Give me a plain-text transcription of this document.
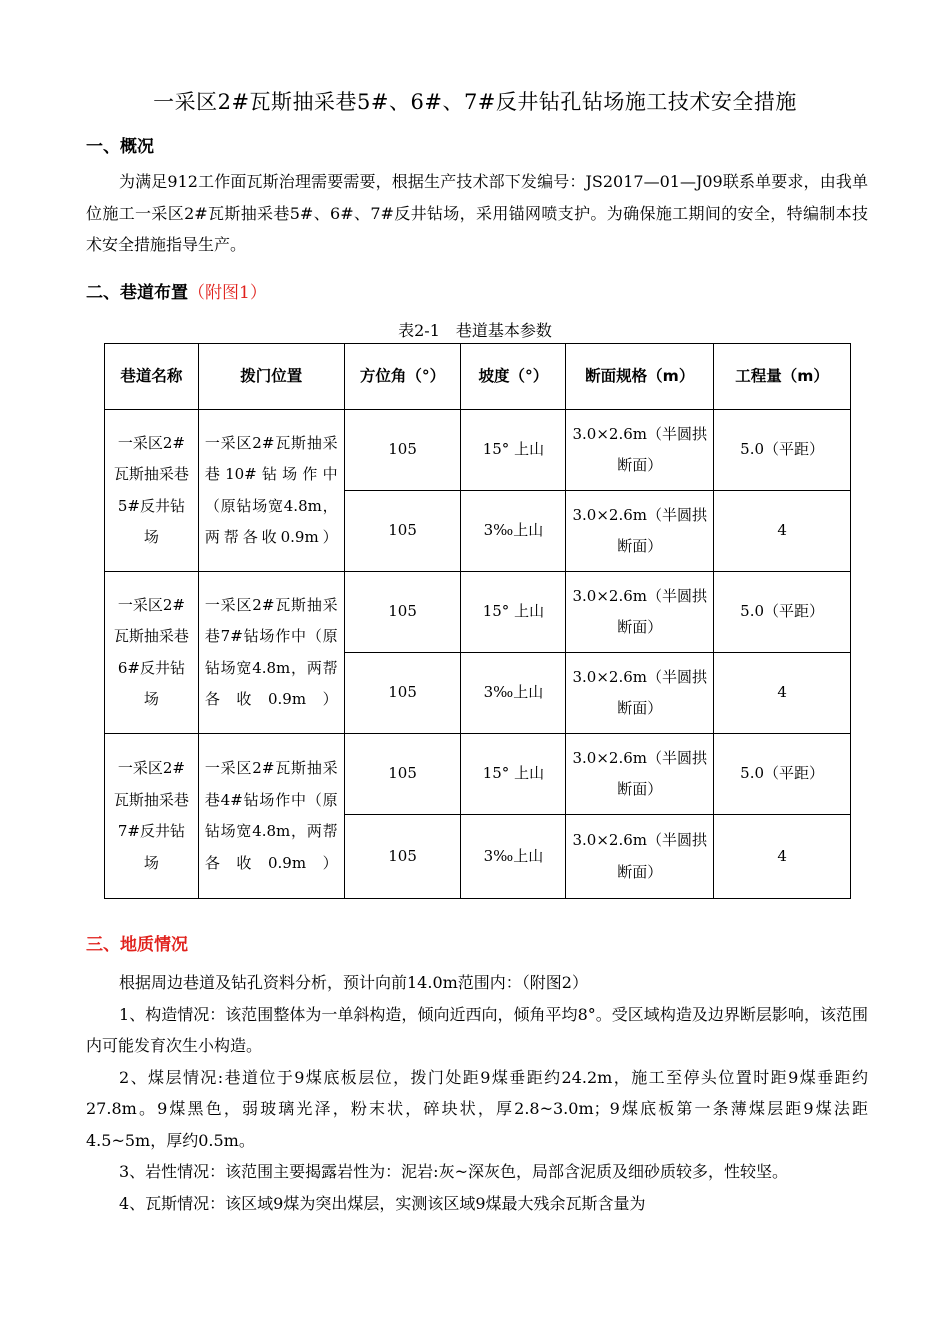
一采区2#瓦斯抽采巷5#、6#、7#反井钻孔钻场施工技术安全措施
一、概况
为满足912工作面瓦斯治理需要需要，根据生产技术部下发编号：JS2017—01—J09联系单要求，由我单位施工一采区2#瓦斯抽采巷5#、6#、7#反井钻场，采用锚网喷支护。为确保施工期间的安全，特编制本技术安全措施指导生产。
二、巷道布置（附图1）
表2-1　巷道基本参数
巷道名称	拨门位置	方位角（°）	坡度（°）	断面规格（m）	工程量（m）
一采区2#瓦斯抽采巷5#反井钻场	一采区2#瓦斯抽采巷10#钻场作中（原钻场宽4.8m，两帮各收0.9m）	105	15° 上山	3.0×2.6m（半圆拱断面）	5.0（平距）
		105	3‰上山	3.0×2.6m（半圆拱断面）	4
一采区2#瓦斯抽采巷6#反井钻场	一采区2#瓦斯抽采巷7#钻场作中（原钻场宽4.8m，两帮各收0.9m）	105	15° 上山	3.0×2.6m（半圆拱断面）	5.0（平距）
		105	3‰上山	3.0×2.6m（半圆拱断面）	4
一采区2#瓦斯抽采巷7#反井钻场	一采区2#瓦斯抽采巷4#钻场作中（原钻场宽4.8m，两帮各收0.9m）	105	15° 上山	3.0×2.6m（半圆拱断面）	5.0（平距）
		105	3‰上山	3.0×2.6m（半圆拱断面）	4
三、地质情况
根据周边巷道及钻孔资料分析，预计向前14.0m范围内：（附图2）
1、构造情况：该范围整体为一单斜构造，倾向近西向，倾角平均8°。受区域构造及边界断层影响，该范围内可能发育次生小构造。
2、煤层情况:巷道位于9煤底板层位，拨门处距9煤垂距约24.2m，施工至停头位置时距9煤垂距约27.8m。9煤黑色，弱玻璃光泽，粉末状，碎块状，厚2.8~3.0m；9煤底板第一条薄煤层距9煤法距4.5~5m，厚约0.5m。
3、岩性情况：该范围主要揭露岩性为：泥岩:灰~深灰色，局部含泥质及细砂质较多，性较坚。
4、瓦斯情况：该区域9煤为突出煤层，实测该区域9煤最大残余瓦斯含量为
